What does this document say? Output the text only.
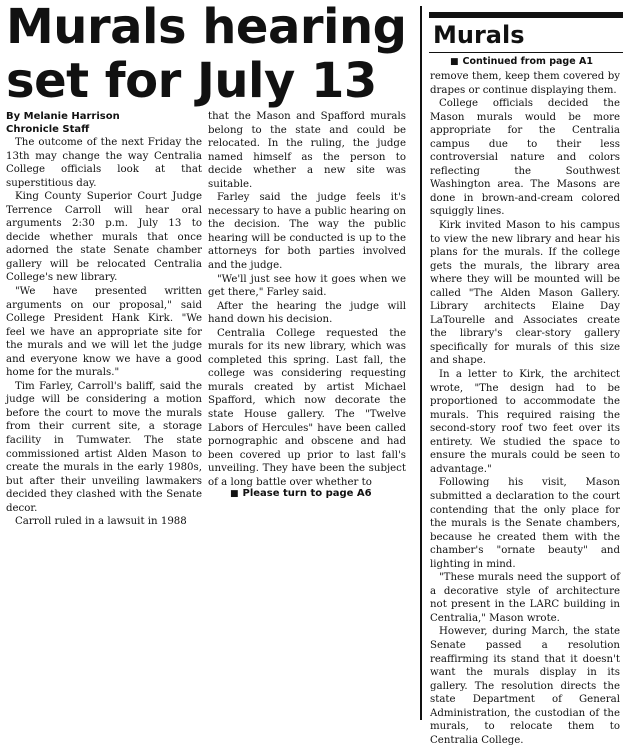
Murals hearing set for July 13
By Melanie Harrison
Chronicle Staff

The outcome of the next Friday the 13th may change the way Centralia College officials look at that superstitious day.

King County Superior Court Judge Terrence Carroll will hear oral arguments 2:30 p.m. July 13 to decide whether murals that once adorned the state Senate chamber gallery will be relocated Centralia College's new library.

"We have presented written arguments on our proposal," said College President Hank Kirk. "We feel we have an appropriate site for the murals and we will let the judge and everyone know we have a good home for the murals."

Tim Farley, Carroll's baliff, said the judge will be considering a motion before the court to move the murals from their current site, a storage facility in Tumwater. The state commissioned artist Alden Mason to create the murals in the early 1980s, but after their unveiling lawmakers decided they clashed with the Senate decor.

Carroll ruled in a lawsuit in 1988

that the Mason and Spafford murals belong to the state and could be relocated. In the ruling, the judge named himself as the person to decide whether a new site was suitable.

Farley said the judge feels it's necessary to have a public hearing on the decision. The way the public hearing will be conducted is up to the attorneys for both parties involved and the judge.

"We'll just see how it goes when we get there," Farley said.

After the hearing the judge will hand down his decision.

Centralia College requested the murals for its new library, which was completed this spring. Last fall, the college was considering requesting murals created by artist Michael Spafford, which now decorate the state House gallery. The "Twelve Labors of Hercules" have been called pornographic and obscene and had been covered up prior to last fall's unveiling. They have been the subject of a long battle over whether to

■ Please turn to page A6
Murals
■ Continued from page A1

remove them, keep them covered by drapes or continue displaying them.

College officials decided the Mason murals would be more appropriate for the Centralia campus due to their less controversial nature and colors reflecting the Southwest Washington area. The Masons are done in brown-and-cream colored squiggly lines.

Kirk invited Mason to his campus to view the new library and hear his plans for the murals. If the college gets the murals, the library area where they will be mounted will be called "The Alden Mason Gallery. Library architects Elaine Day LaTourelle and Associates create the library's clear-story gallery specifically for murals of this size and shape.

In a letter to Kirk, the architect wrote, "The design had to be proportioned to accommodate the murals. This required raising the second-story roof two feet over its entirety. We studied the space to ensure the murals could be seen to advantage."

Following his visit, Mason submitted a declaration to the court contending that the only place for the murals is the Senate chambers, because he created them with the chamber's "ornate beauty" and lighting in mind.

"These murals need the support of a decorative style of architecture not present in the LARC building in Centralia," Mason wrote.

However, during March, the state Senate passed a resolution reaffirming its stand that it doesn't want the murals display in its gallery. The resolution directs the state Department of General Administration, the custodian of the murals, to relocate them to Centralia College.
